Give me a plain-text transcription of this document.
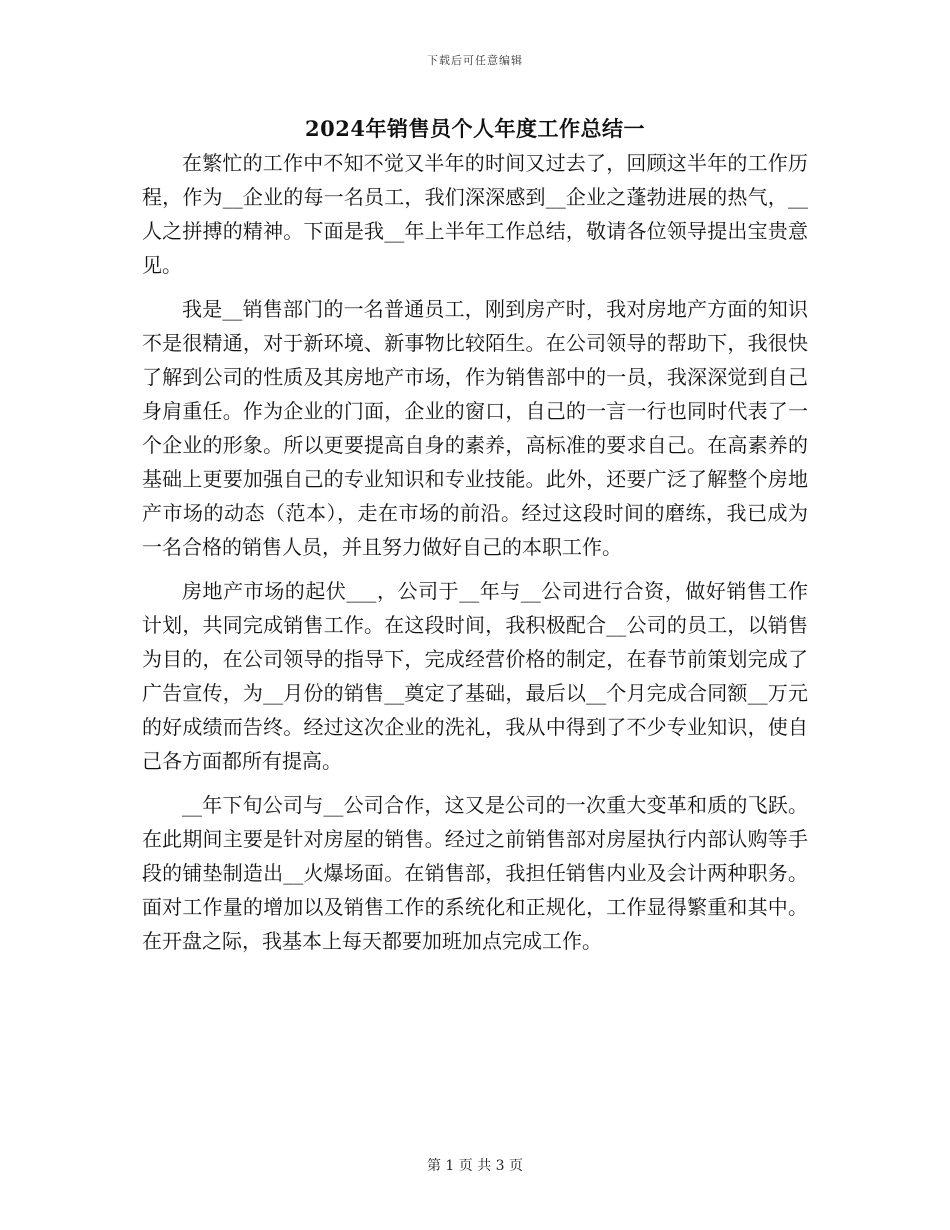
下载后可任意编辑
2024年销售员个人年度工作总结一

在繁忙的工作中不知不觉又半年的时间又过去了，回顾这半年的工作历程，作为__企业的每一名员工，我们深深感到__企业之蓬勃进展的热气，__人之拼搏的精神。下面是我__年上半年工作总结，敬请各位领导提出宝贵意见。

我是__销售部门的一名普通员工，刚到房产时，我对房地产方面的知识不是很精通，对于新环境、新事物比较陌生。在公司领导的帮助下，我很快了解到公司的性质及其房地产市场，作为销售部中的一员，我深深觉到自己身肩重任。作为企业的门面，企业的窗口，自己的一言一行也同时代表了一个企业的形象。所以更要提高自身的素养，高标准的要求自己。在高素养的基础上更要加强自己的专业知识和专业技能。此外，还要广泛了解整个房地产市场的动态（范本），走在市场的前沿。经过这段时间的磨练，我已成为一名合格的销售人员，并且努力做好自己的本职工作。

房地产市场的起伏___，公司于__年与__公司进行合资，做好销售工作计划，共同完成销售工作。在这段时间，我积极配合__公司的员工，以销售为目的，在公司领导的指导下，完成经营价格的制定，在春节前策划完成了广告宣传，为__月份的销售__奠定了基础，最后以__个月完成合同额__万元的好成绩而告终。经过这次企业的洗礼，我从中得到了不少专业知识，使自己各方面都所有提高。

__年下旬公司与__公司合作，这又是公司的一次重大变革和质的飞跃。在此期间主要是针对房屋的销售。经过之前销售部对房屋执行内部认购等手段的铺垫制造出__火爆场面。在销售部，我担任销售内业及会计两种职务。面对工作量的增加以及销售工作的系统化和正规化，工作显得繁重和其中。在开盘之际，我基本上每天都要加班加点完成工作。

第 1 页 共 3 页
